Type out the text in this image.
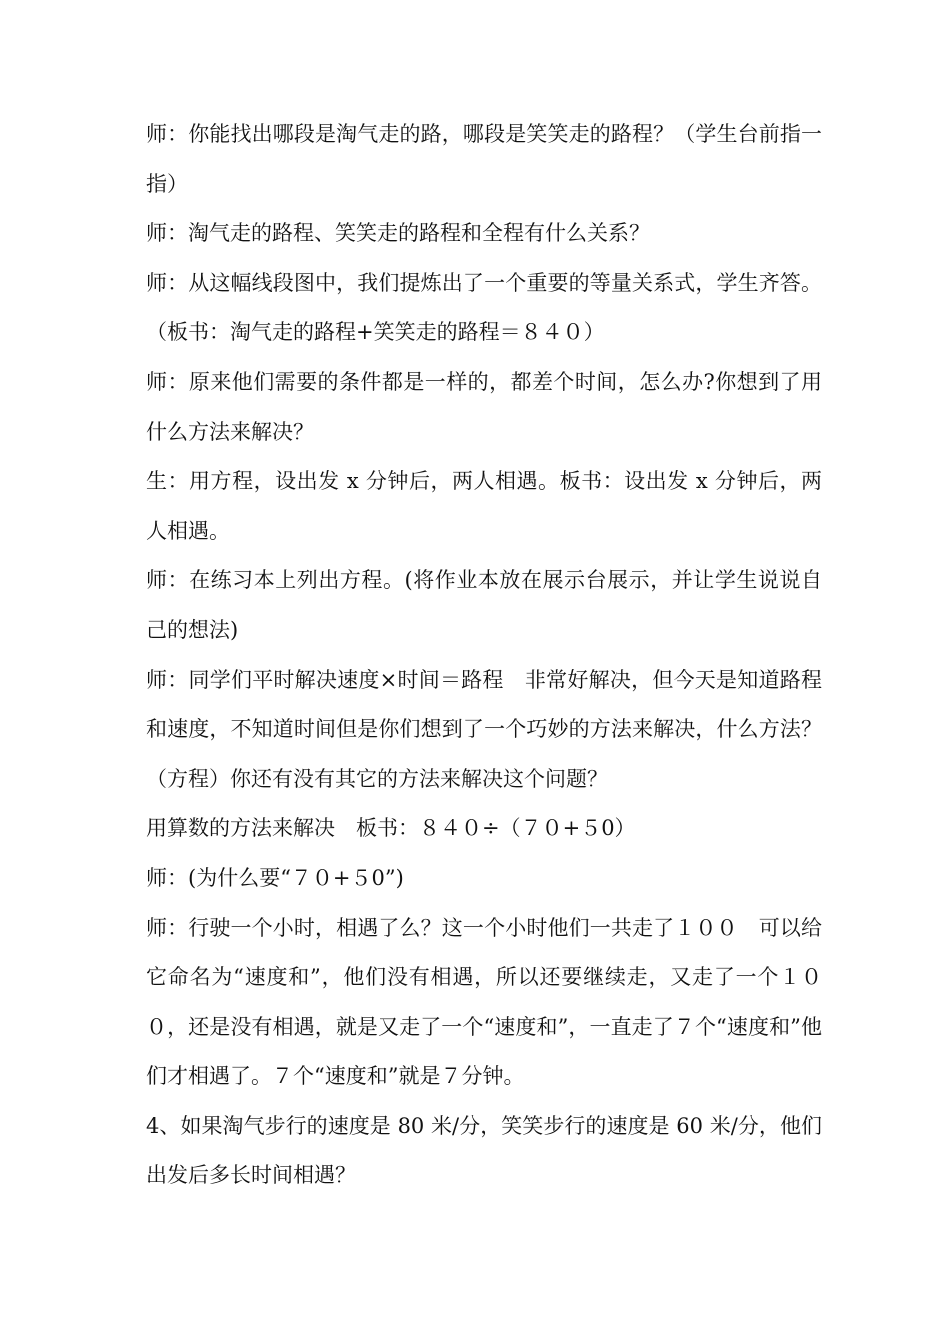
师：你能找出哪段是淘气走的路，哪段是笑笑走的路程？（学生台前指一指）

师：淘气走的路程、笑笑走的路程和全程有什么关系？

师：从这幅线段图中，我们提炼出了一个重要的等量关系式，学生齐答。（板书：淘气走的路程+笑笑走的路程＝８４０）

师：原来他们需要的条件都是一样的，都差个时间，怎么办?你想到了用什么方法来解决？

生：用方程，设出发 x 分钟后，两人相遇。板书：设出发 x 分钟后，两人相遇。

师：在练习本上列出方程。(将作业本放在展示台展示，并让学生说说自己的想法)

师：同学们平时解决速度×时间＝路程　非常好解决，但今天是知道路程和速度，不知道时间但是你们想到了一个巧妙的方法来解决，什么方法？（方程）你还有没有其它的方法来解决这个问题？

用算数的方法来解决　板书：８４０÷（７０+５0）

师：(为什么要“７０+５0”)

师：行驶一个小时，相遇了么？这一个小时他们一共走了１００　可以给它命名为“速度和”，他们没有相遇，所以还要继续走，又走了一个１００，还是没有相遇，就是又走了一个“速度和”，一直走了７个“速度和”他们才相遇了。７个“速度和”就是７分钟。

4、如果淘气步行的速度是 80 米/分，笑笑步行的速度是 60 米/分，他们出发后多长时间相遇？
